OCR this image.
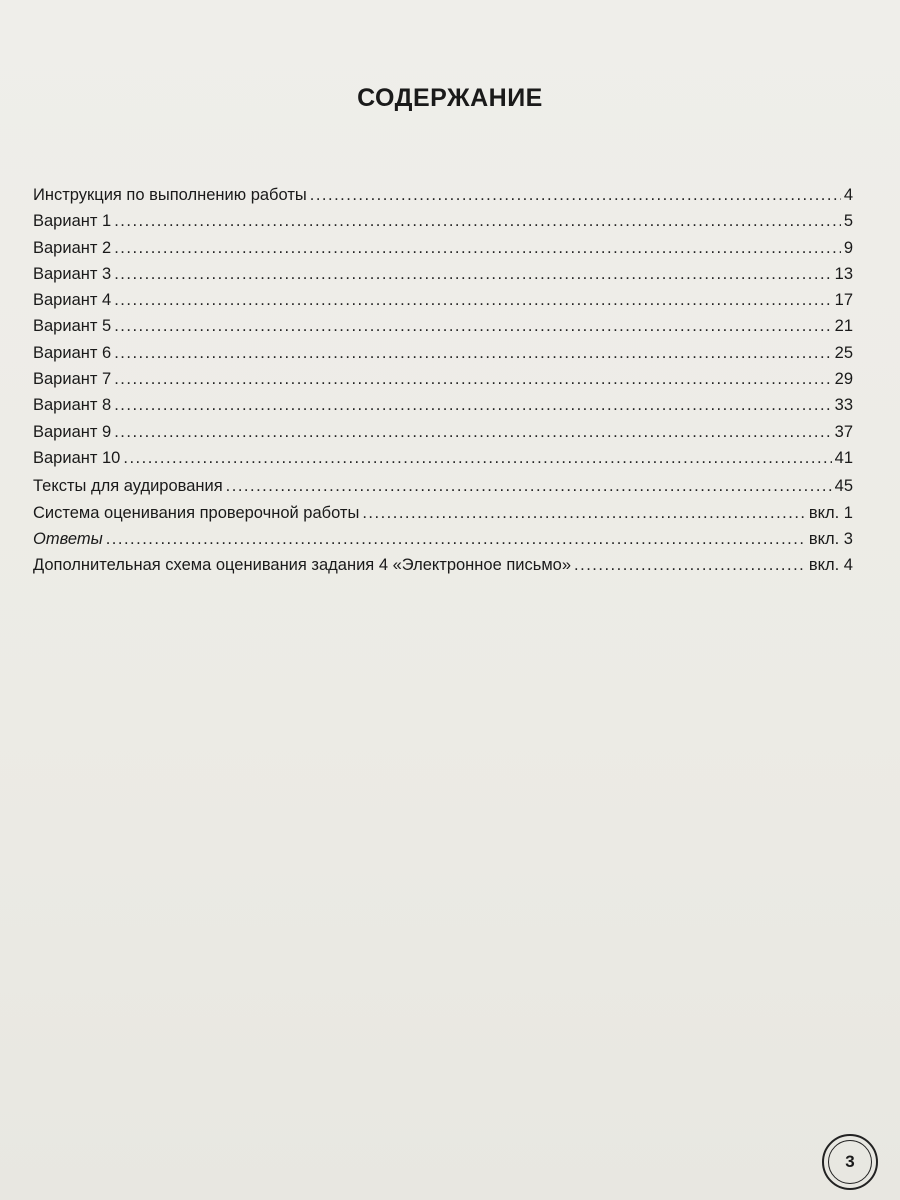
СОДЕРЖАНИЕ
Инструкция по выполнению работы .....	4
Вариант 1 .....	5
Вариант 2 .....	9
Вариант 3 .....	13
Вариант 4 .....	17
Вариант 5 .....	21
Вариант 6 .....	25
Вариант 7 .....	29
Вариант 8 .....	33
Вариант 9 .....	37
Вариант 10 .....	41
Тексты для аудирования .....	45
Система оценивания проверочной работы .....	вкл. 1
Ответы .....	вкл. 3
Дополнительная схема оценивания задания 4 «Электронное письмо» .....	вкл. 4
3
